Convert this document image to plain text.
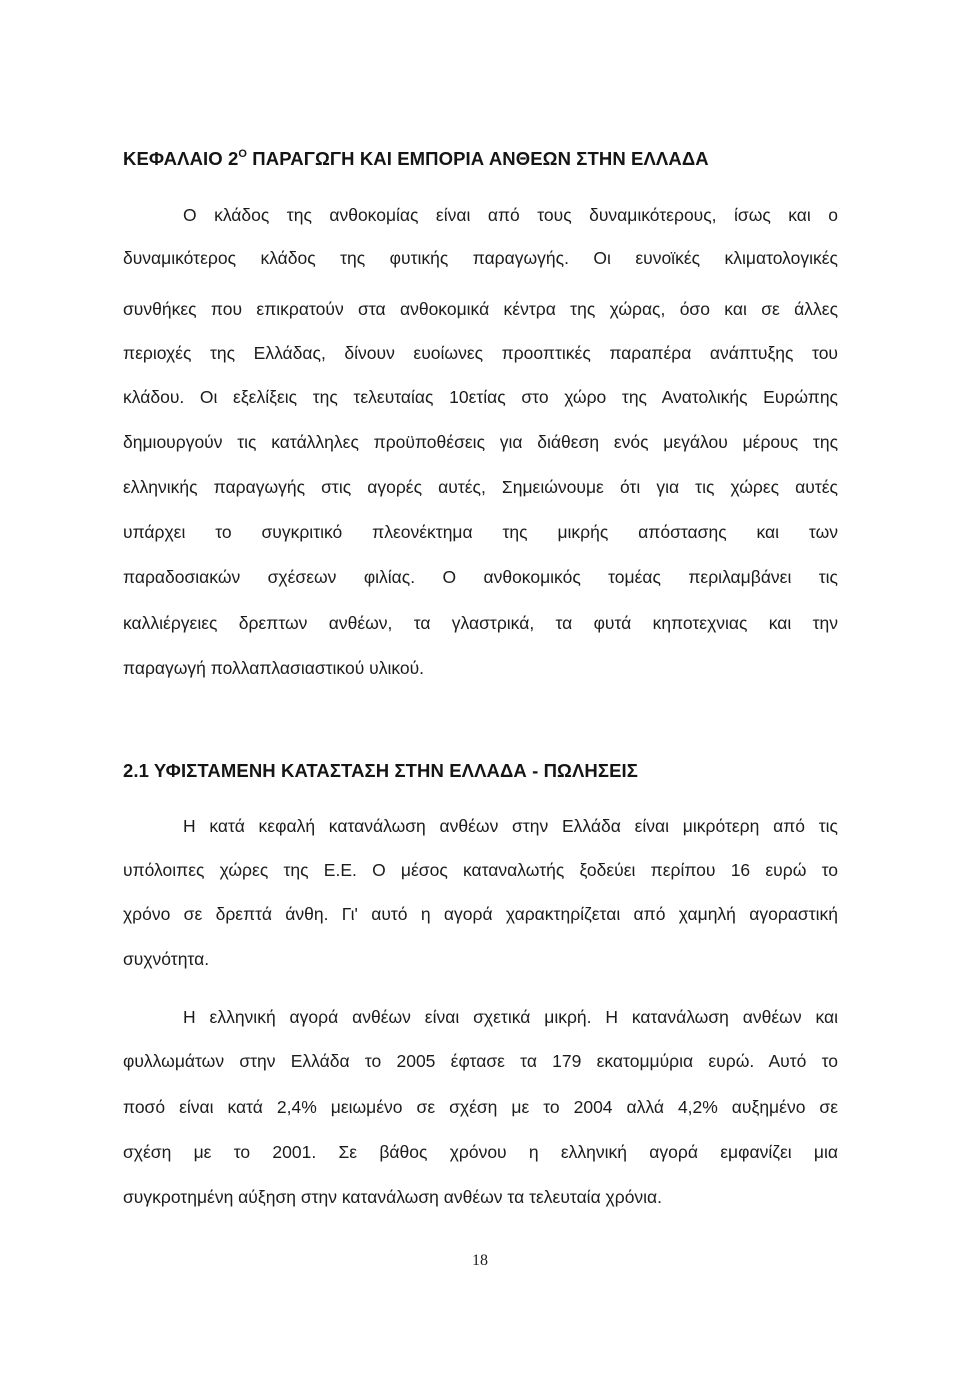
ΚΕΦΑΛΑΙΟ $2^O$ ΠΑΡΑΓΩΓΗ ΚΑΙ ΕΜΠΟΡΙΑ ΑΝΘΕΩΝ ΣΤΗΝ ΕΛΛΑΔΑ
Ο κλάδος της ανθοκομίας είναι από τους δυναμικότερους, ίσως και ο
δυναμικότερος κλάδος της φυτικής παραγωγής. Οι ευνοϊκές κλιματολογικές
συνθήκες που επικρατούν στα ανθοκομικά κέντρα της χώρας, όσο και σε άλλες
περιοχές της Ελλάδας, δίνουν ευοίωνες προοπτικές παραπέρα ανάπτυξης του
κλάδου. Οι εξελίξεις της τελευταίας 10ετίας στο χώρο της Ανατολικής Ευρώπης
δημιουργούν τις κατάλληλες προϋποθέσεις για διάθεση ενός μεγάλου μέρους της
ελληνικής παραγωγής στις αγορές αυτές, Σημειώνουμε ότι για τις χώρες αυτές
υπάρχει το συγκριτικό πλεονέκτημα της μικρής απόστασης και των
παραδοσιακών σχέσεων φιλίας. Ο ανθοκομικός τομέας περιλαμβάνει τις
καλλιέργειες δρεπτων ανθέων, τα γλαστρικά, τα φυτά κηποτεχνιας και την
παραγωγή πολλαπλασιαστικού υλικού.
2.1 ΥΦΙΣΤΑΜΕΝΗ ΚΑΤΑΣΤΑΣΗ ΣΤΗΝ ΕΛΛΑΔΑ - ΠΩΛΗΣΕΙΣ
Η κατά κεφαλή κατανάλωση ανθέων στην Ελλάδα είναι μικρότερη από τις
υπόλοιπες χώρες της Ε.Ε. Ο μέσος καταναλωτής ξοδεύει περίπου 16 ευρώ το
χρόνο σε δρεπτά άνθη. Γι' αυτό η αγορά χαρακτηρίζεται από χαμηλή αγοραστική
συχνότητα.
Η ελληνική αγορά ανθέων είναι σχετικά μικρή. Η κατανάλωση ανθέων και
φυλλωμάτων στην Ελλάδα το 2005 έφτασε τα 179 εκατομμύρια ευρώ. Αυτό το
ποσό είναι κατά 2,4% μειωμένο σε σχέση με το 2004 αλλά 4,2% αυξημένο σε
σχέση με το 2001. Σε βάθος χρόνου η ελληνική αγορά εμφανίζει μια
συγκροτημένη αύξηση στην κατανάλωση ανθέων τα τελευταία χρόνια.
18
